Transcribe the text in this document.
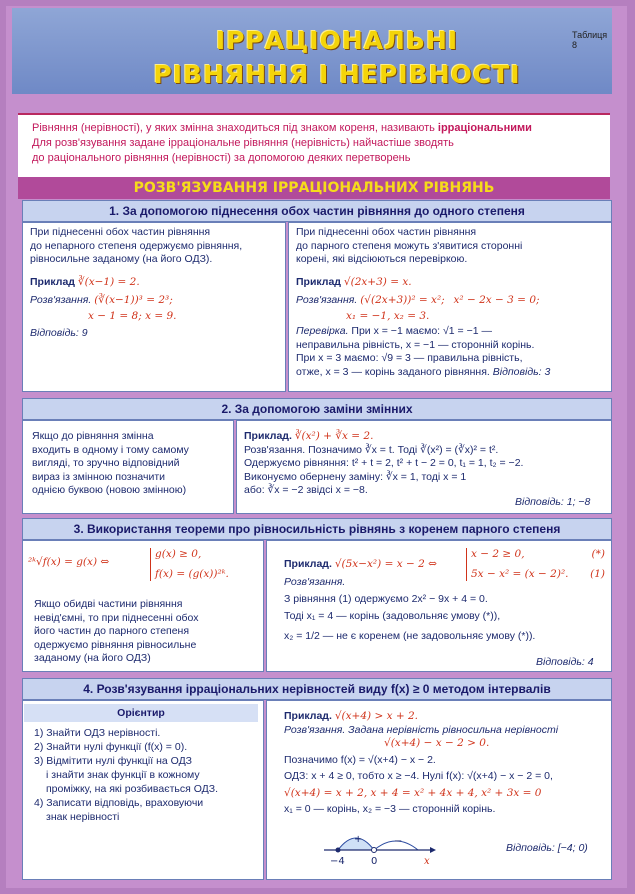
ІРРАЦІОНАЛЬНІ
РІВНЯННЯ І НЕРІВНОСТІ
Таблиця 8

Рівняння (нерівності), у яких змінна знаходиться під знаком кореня, називають ірраціональними
Для розв'язування задане ірраціональне рівняння (нерівність) найчастіше зводять
до раціонального рівняння (нерівності) за допомогою деяких перетворень

РОЗВ'ЯЗУВАННЯ ІРРАЦІОНАЛЬНИХ РІВНЯНЬ
1. За допомогою піднесення обох частин рівняння до одного степеня
При піднесенні обох частин рівняння
до непарного степеня одержуємо рівняння,
рівносильне заданому (на його ОДЗ).
Приклад ∛(x−1) = 2.
Розв'язання. (∛(x−1))³ = 2³;
x − 1 = 8; x = 9.
Відповідь: 9
При піднесенні обох частин рівняння
до парного степеня можуть з'явитися сторонні
корені, які відсіюються перевіркою.
Приклад √(2x+3) = x.
Розв'язання. (√(2x+3))² = x²; x² − 2x − 3 = 0;
x₁ = −1, x₂ = 3.
Перевірка. При x = −1 маємо: √1 = −1 —
неправильна рівність, x = −1 — сторонній корінь.
При x = 3 маємо: √9 = 3 — правильна рівність,
отже, x = 3 — корінь заданого рівняння. Відповідь: 3
2. За допомогою заміни змінних
Якщо до рівняння змінна
входить в одному і тому самому
вигляді, то зручно відповідний
вираз із змінною позначити
однією буквою (новою змінною)
Приклад. ∛(x²) + ∛x = 2.
Розв'язання. Позначимо ∛x = t. Тоді ∛(x²) = (∛x)² = t².
Одержуємо рівняння: t² + t = 2, t² + t − 2 = 0, t₁ = 1, t₂ = −2.
Виконуємо обернену заміну: ∛x = 1, тоді x = 1
або: ∛x = −2 звідсі x = −8.
Відповідь: 1; −8
3. Використання теореми про рівносильність рівнянь з коренем парного степеня
²ᵏ√f(x) = g(x) ⇔
g(x) ≥ 0,
f(x) = (g(x))²ᵏ.
Якщо обидві частини рівняння
невід'ємні, то при піднесенні обох
його частин до парного степеня
одержуємо рівняння рівносильне
заданому (на його ОДЗ)
Приклад. √(5x−x²) = x − 2 ⇔
x − 2 ≥ 0,	(*)
5x − x² = (x − 2)². (1)
Розв'язання.
З рівняння (1) одержуємо 2x² − 9x + 4 = 0.
Тоді x₁ = 4 — корінь (задовольняє умову (*)),
x₂ = 1/2 — не є коренем (не задовольняє умову (*)).
Відповідь: 4
4. Розв'язування ірраціональних нерівностей виду f(x) ≥ 0 методом інтервалів
Орієнтир
1) Знайти ОДЗ нерівності.
2) Знайти нулі функції (f(x) = 0).
3) Відмітити нулі функції на ОДЗ
і знайти знак функції в кожному
проміжку, на які розбивається ОДЗ.
4) Записати відповідь, враховуючи
знак нерівності
Приклад. √(x+4) > x + 2.
Розв'язання. Задана нерівність рівносильна нерівності
√(x+4) − x − 2 > 0.
Позначимо f(x) = √(x+4) − x − 2.
ОДЗ: x + 4 ≥ 0, тобто x ≥ −4. Нулі f(x): √(x+4) − x − 2 = 0,
√(x+4) = x + 2, x + 4 = x² + 4x + 4, x² + 3x = 0
x₁ = 0 — корінь, x₂ = −3 — сторонній корінь.
+	−
−4	0	x
Відповідь: [−4; 0)
